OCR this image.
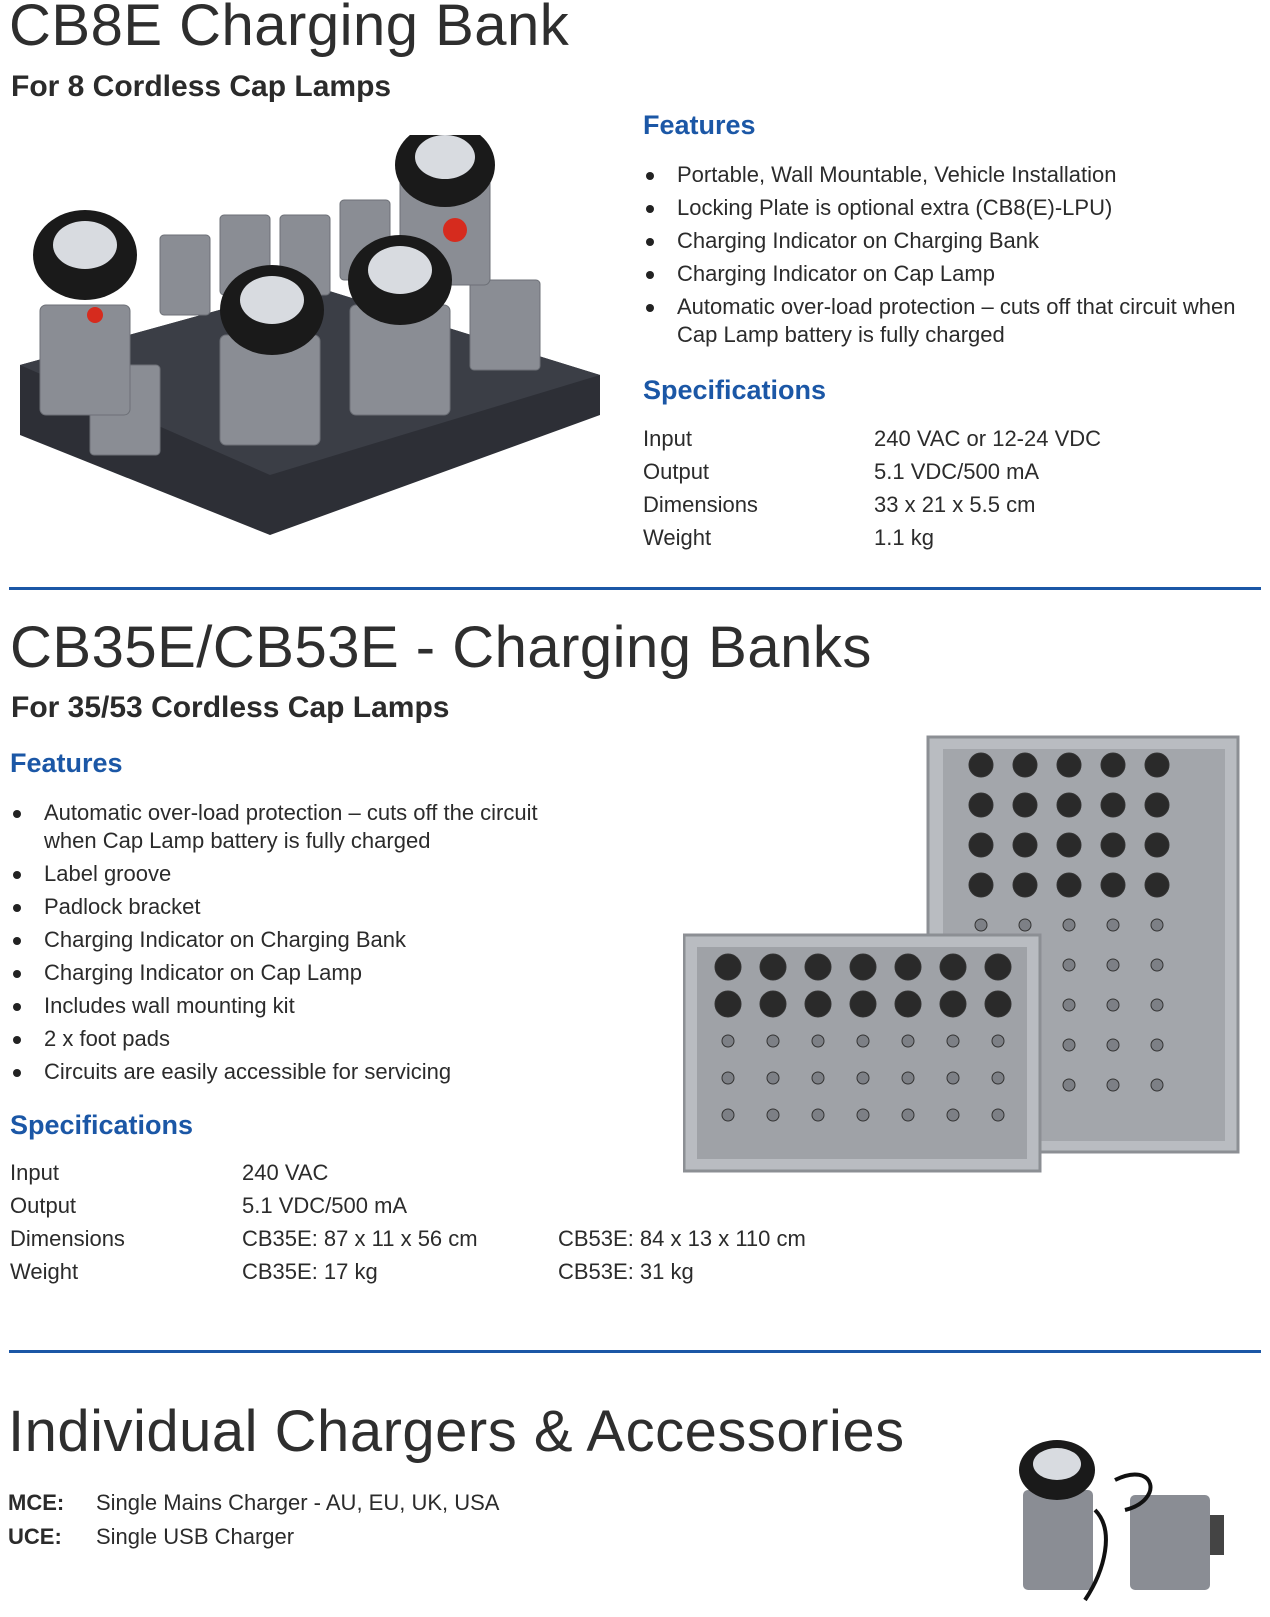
CB8E Charging Bank
For 8 Cordless Cap Lamps
Features
Portable, Wall Mountable, Vehicle Installation
Locking Plate is optional extra (CB8(E)-LPU)
Charging Indicator on Charging Bank
Charging Indicator on Cap Lamp
Automatic over-load protection – cuts off that circuit when Cap Lamp battery is fully charged
Specifications
Input	240 VAC or 12-24 VDC
Output	5.1 VDC/500 mA
Dimensions	33 x 21 x 5.5 cm
Weight	1.1 kg
CB35E/CB53E - Charging Banks
For 35/53 Cordless Cap Lamps
Features
Automatic over-load protection – cuts off the circuit when Cap Lamp battery is fully charged
Label groove
Padlock bracket
Charging Indicator on Charging Bank
Charging Indicator on Cap Lamp
Includes wall mounting kit
2 x foot pads
Circuits are easily accessible for servicing
Specifications
Input	240 VAC
Output	5.1 VDC/500 mA
Dimensions	CB35E: 87 x 11 x 56 cm	CB53E: 84 x 13 x 110 cm
Weight	CB35E: 17 kg	CB53E: 31 kg
Individual Chargers & Accessories
MCE: Single Mains Charger - AU, EU, UK, USA
UCE: Single USB Charger
